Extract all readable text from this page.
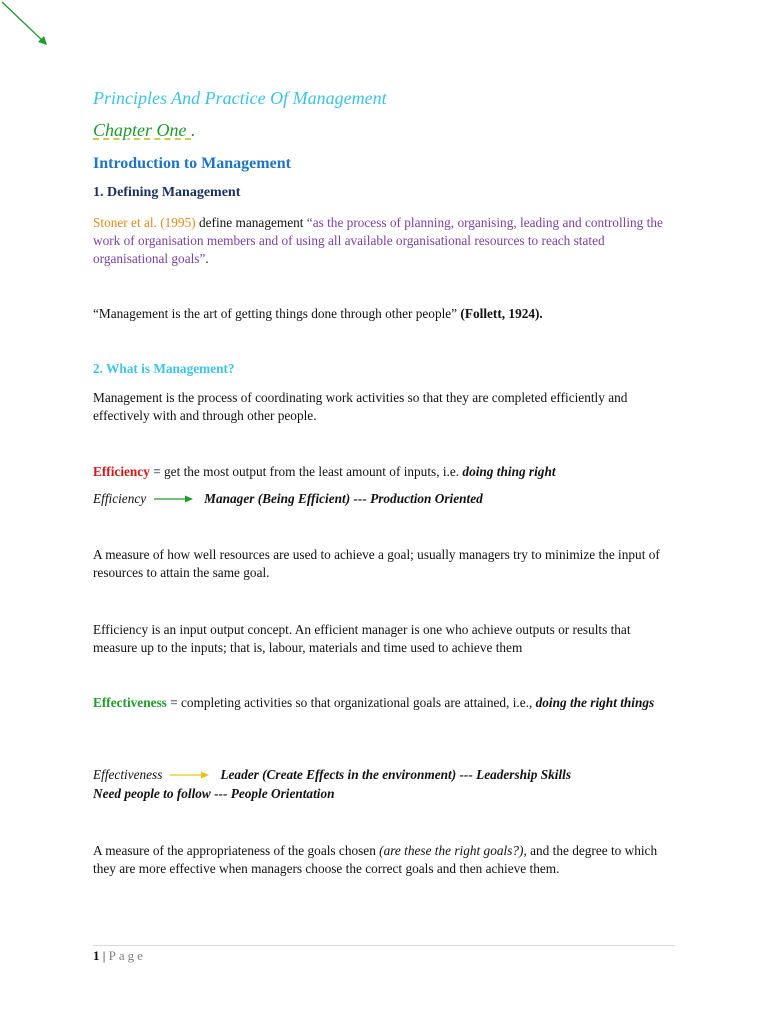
Principles And Practice Of Management
Chapter One .
Introduction to Management
1. Defining Management
Stoner et al. (1995) define management “as the process of planning, organising, leading and controlling the work of organisation members and of using all available organisational resources to reach stated organisational goals”.
“Management is the art of getting things done through other people” (Follett, 1924).
2. What is Management?
Management is the process of coordinating work activities so that they are completed efficiently and effectively with and through other people.
Efficiency = get the most output from the least amount of inputs, i.e. doing thing right
Efficiency	Manager (Being Efficient) --- Production Oriented
A measure of how well resources are used to achieve a goal; usually managers try to minimize the input of resources to attain the same goal.
Efficiency is an input output concept. An efficient manager is one who achieve outputs or results that measure up to the inputs; that is, labour, materials and time used to achieve them
Effectiveness = completing activities so that organizational goals are attained, i.e., doing the right things
Effectiveness	Leader (Create Effects in the environment) --- Leadership Skills
Need people to follow --- People Orientation
A measure of the appropriateness of the goals chosen (are these the right goals?), and the degree to which they are more effective when managers choose the correct goals and then achieve them.
1 | Page
